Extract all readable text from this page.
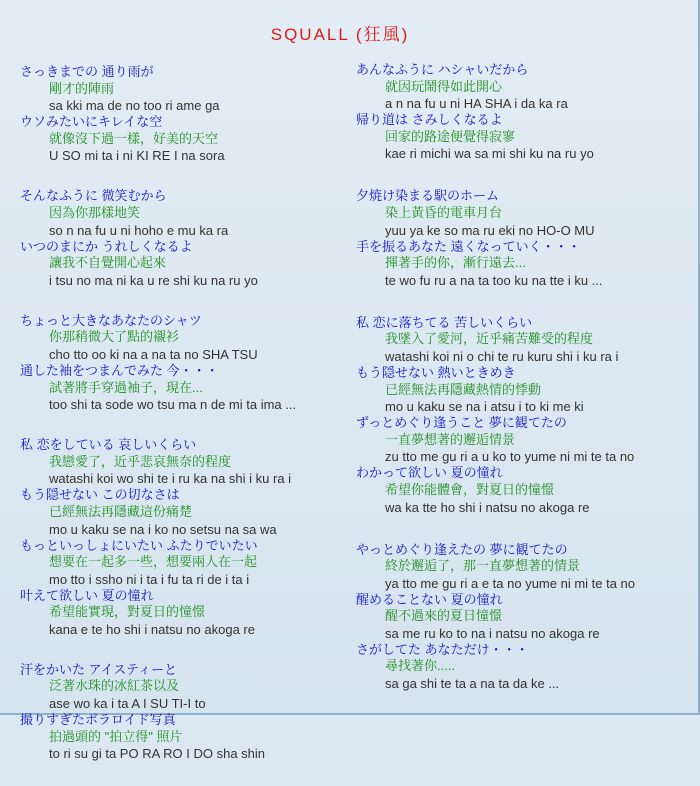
SQUALL (狂風)
さっきまでの 通り雨が
剛才的陣雨
sa kki ma de no too ri ame ga
ウソみたいにキレイな空
就像沒下過一樣，好美的天空
U SO mi ta i ni KI RE I na sora
そんなふうに 微笑むから
因為你那樣地笑
so n na fu u ni hoho e mu ka ra
いつのまにか うれしくなるよ
讓我不自覺開心起來
i tsu no ma ni ka u re shi ku na ru yo
ちょっと大きなあなたのシャツ
你那稍微大了點的襯衫
cho tto oo ki na a na ta no SHA TSU
通した袖をつまんでみた 今・・・
試著將手穿過袖子，現在...
too shi ta sode wo tsu ma n de mi ta ima ...
私 恋をしている 哀しいくらい
我戀愛了，近乎悲哀無奈的程度
watashi koi wo shi te i ru ka na shi i ku ra i
もう隠せない この切なさは
已經無法再隱藏這份痛楚
mo u kaku se na i ko no setsu na sa wa
もっといっしょにいたい ふたりでいたい
想要在一起多一些，想要兩人在一起
mo tto i ssho ni i ta i fu ta ri de i ta i
叶えて欲しい 夏の憧れ
希望能實現，對夏日的憧憬
kana e te ho shi i natsu no akoga re
汗をかいた アイスティーと
泛著水珠的冰紅茶以及
ase wo ka i ta A I SU TI-I to
撮りすぎたポラロイド写真
拍過頭的 "拍立得" 照片
to ri su gi ta PO RA RO I DO sha shin
あんなふうに ハシャいだから
就因玩鬧得如此開心
a n na fu u ni HA SHA i da ka ra
帰り道は さみしくなるよ
回家的路途便覺得寂寥
kae ri michi wa sa mi shi ku na ru yo
夕焼け染まる駅のホーム
染上黃昏的電車月台
yuu ya ke so ma ru eki no HO-O MU
手を振るあなた 遠くなっていく・・・
揮著手的你，漸行遠去...
te wo fu ru a na ta too ku na tte i ku ...
私 恋に落ちてる 苦しいくらい
我墜入了愛河，近乎痛苦難受的程度
watashi koi ni o chi te ru kuru shi i ku ra i
もう隠せない 熱いときめき
已經無法再隱藏熱情的悸動
mo u kaku se na i atsu i to ki me ki
ずっとめぐり逢うこと 夢に観てたの
一直夢想著的邂逅情景
zu tto me gu ri a u ko to yume ni mi te ta no
わかって欲しい 夏の憧れ
希望你能體會，對夏日的憧憬
wa ka tte ho shi i natsu no akoga re
やっとめぐり逢えたの 夢に観てたの
終於邂逅了，那一直夢想著的情景
ya tto me gu ri a e ta no yume ni mi te ta no
醒めることない 夏の憧れ
醒不過來的夏日憧憬
sa me ru ko to na i natsu no akoga re
さがしてた あなただけ・・・
尋找著你.....
sa ga shi te ta a na ta da ke ...
